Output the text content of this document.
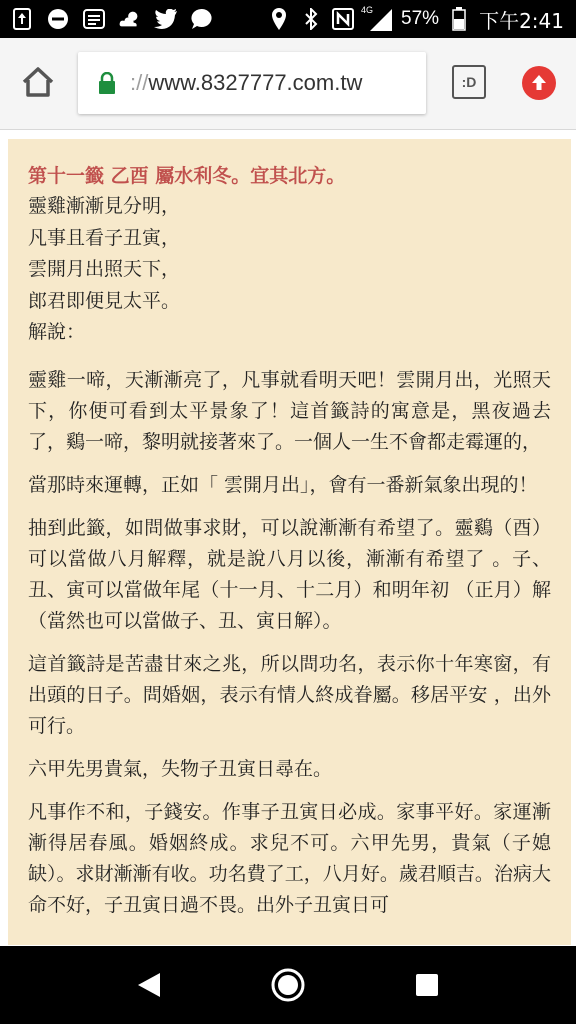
4G 57% 下午2:41
://www.8327777.com.tw	:D
第十一籤 乙酉 屬水利冬。宜其北方。
靈雞漸漸見分明，
凡事且看子丑寅，
雲開月出照天下，
郎君即便見太平。
解說：

靈雞一啼，天漸漸亮了，凡事就看明天吧！雲開月出，光照天下，你便可看到太平景象了！這首籤詩的寓意是，黑夜過去了，鷄一啼，黎明就接著來了。一個人一生不會都走霉運的，

當那時來運轉，正如「 雲開月出」，會有一番新氣象出現的！

抽到此籤，如問做事求財，可以說漸漸有希望了。靈鷄（酉）可以當做八月解釋，就是說八月以後，漸漸有希望了 。子、丑、寅可以當做年尾（十一月、十二月）和明年初 （正月）解（當然也可以當做子、丑、寅日解）。

這首籤詩是苦盡甘來之兆，所以問功名，表示你十年寒窗，有出頭的日子。問婚姻，表示有情人終成眷屬。移居平安 ，出外可行。

六甲先男貴氣，失物子丑寅日尋在。

凡事作不和，子錢安。作事子丑寅日必成。家事平好。家運漸漸得居春風。婚姻終成。求兒不可。六甲先男，貴氣（子媳缺）。求財漸漸有收。功名費了工，八月好。歲君順吉。治病大命不好，子丑寅日過不畏。出外子丑寅日可
